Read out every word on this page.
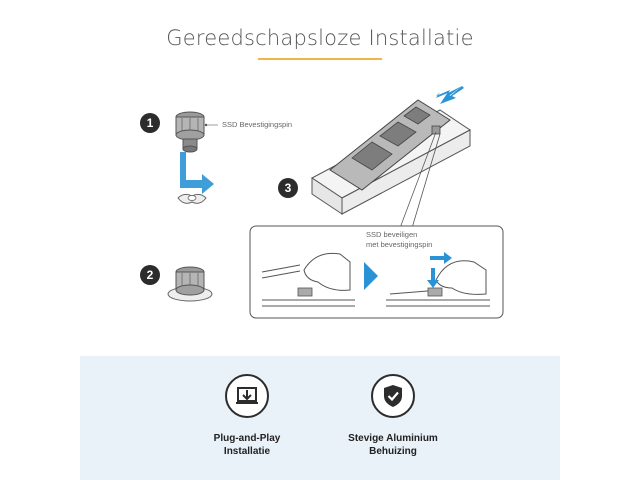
Gereedschapsloze Installatie
1	SSD Bevestigingspin
2
3
SSD beveiligen
met bevestigingspin
Plug-and-Play
Installatie
Stevige Aluminium
Behuizing
